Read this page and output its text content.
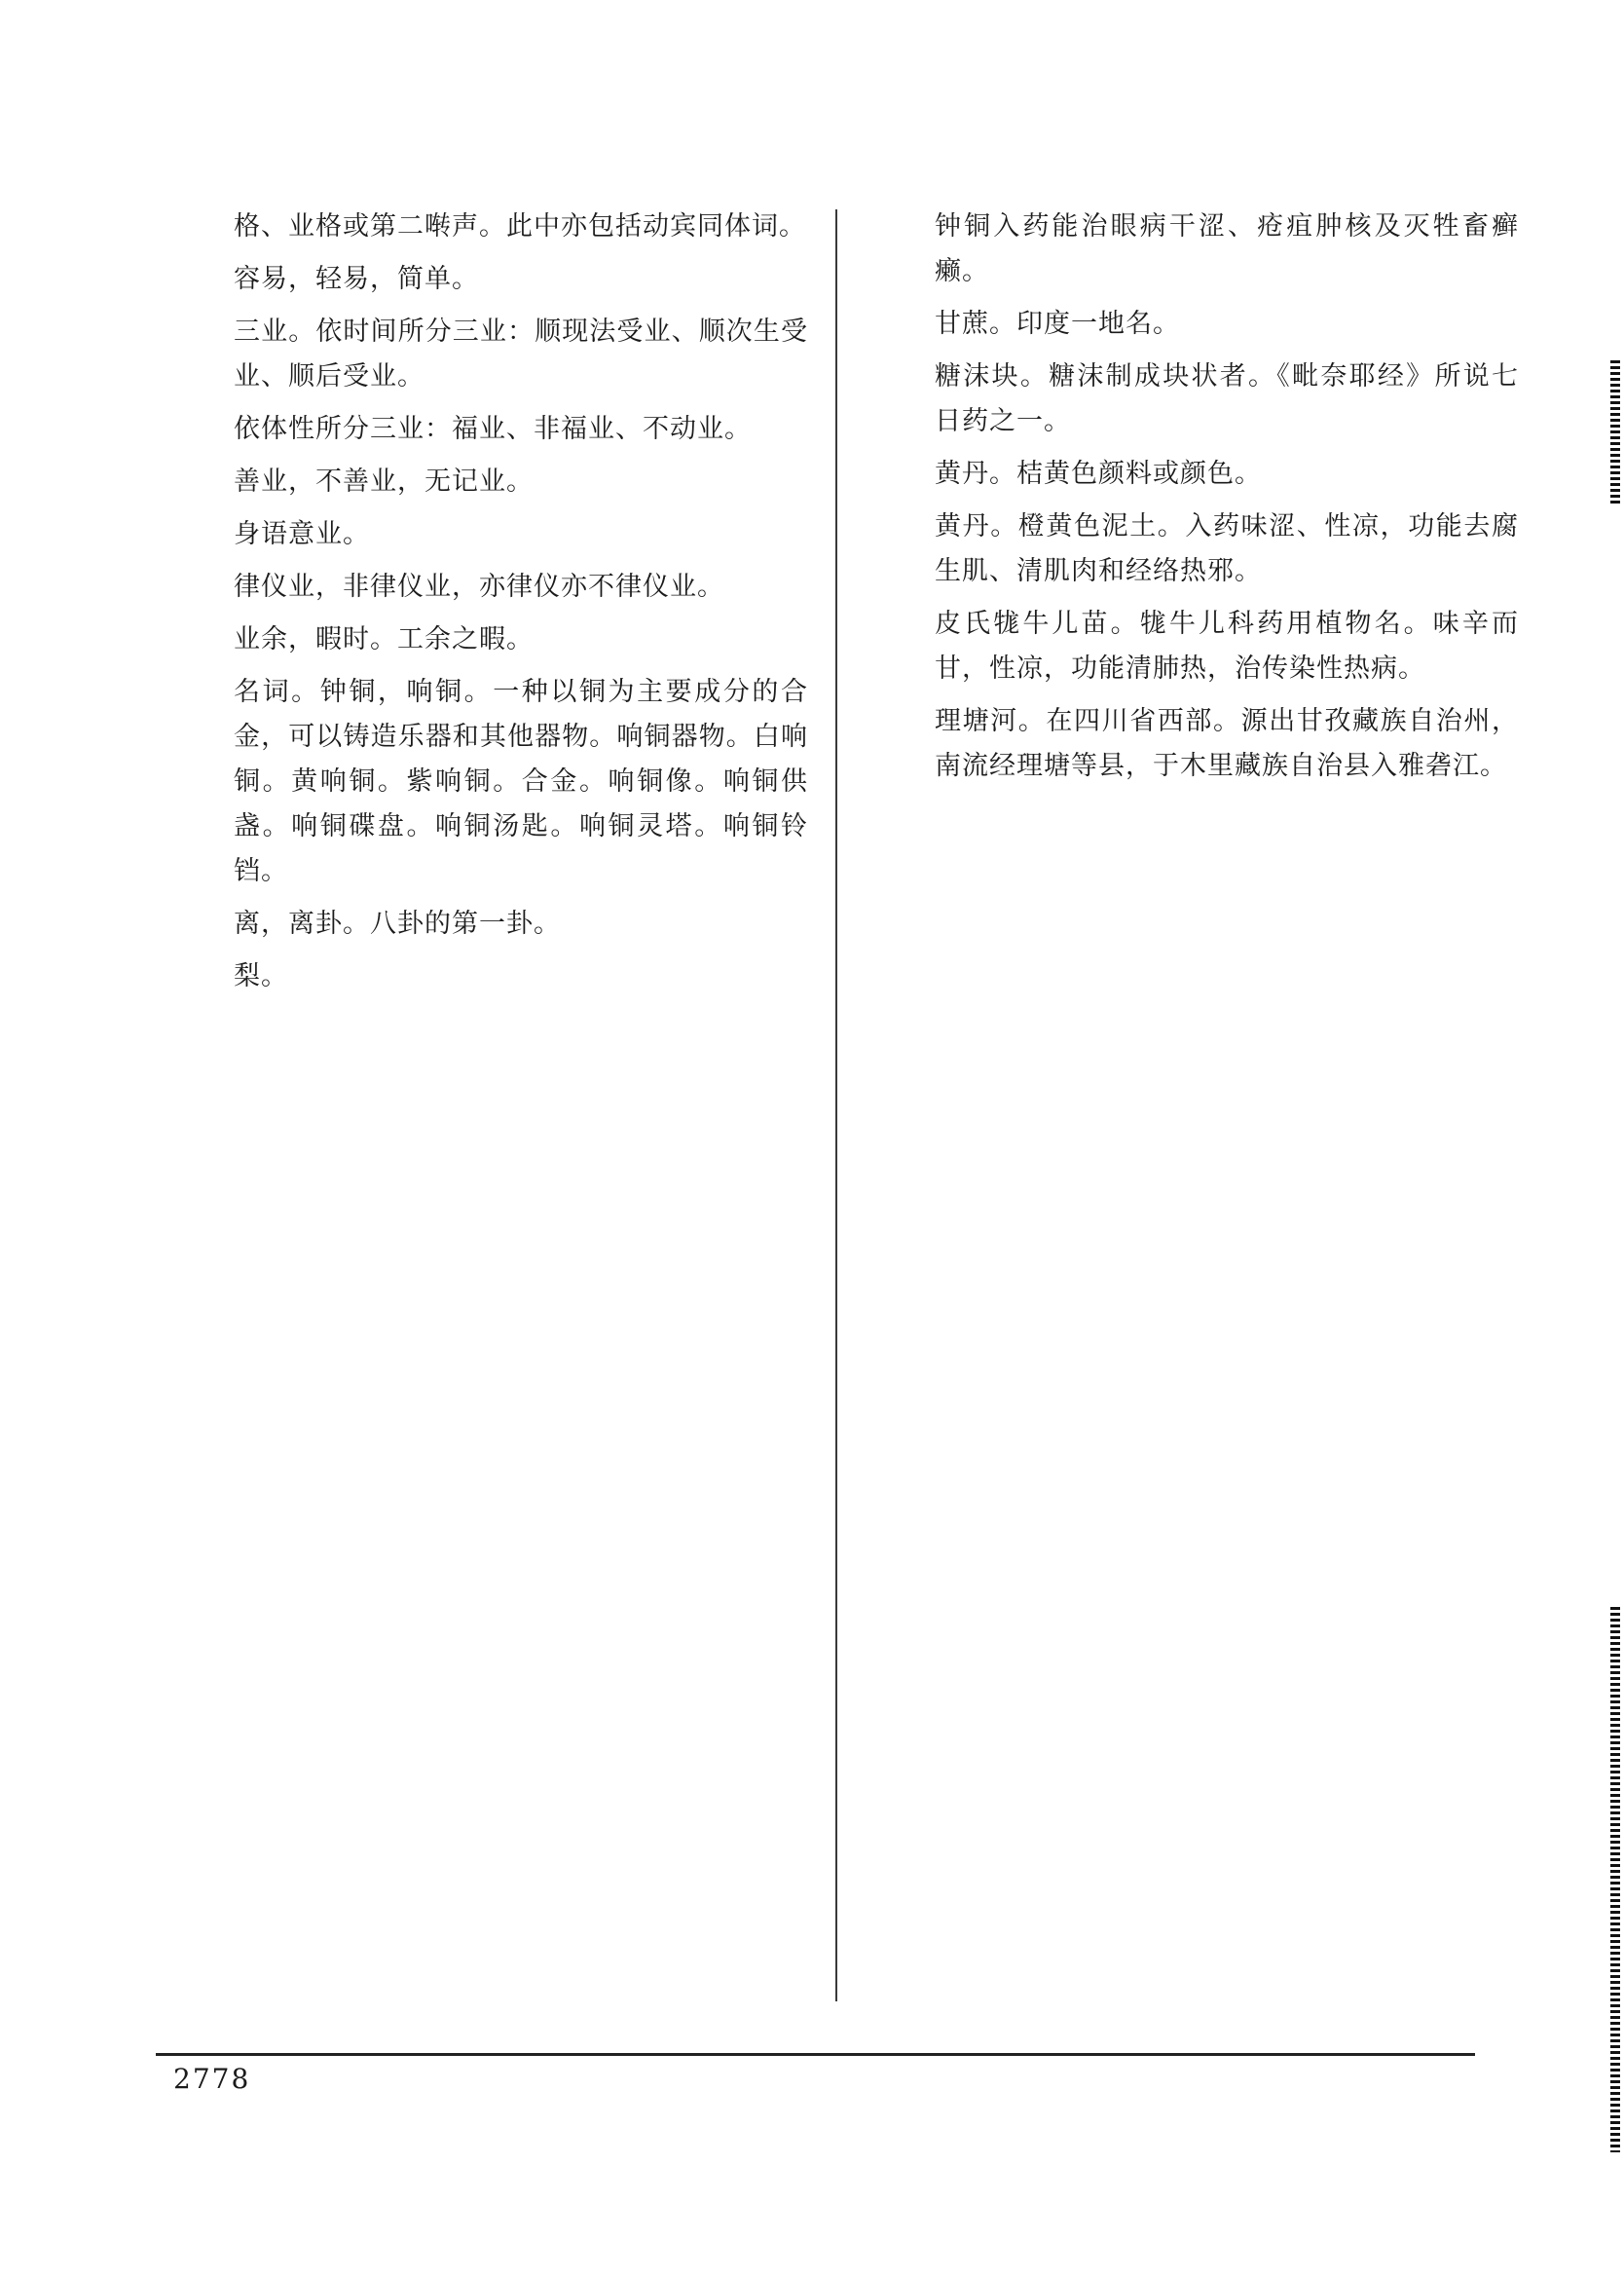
格、业格或第二啭声。此中亦包括动宾同体词。

容易，轻易，简单。

三业。依时间所分三业：顺现法受业、顺次生受业、顺后受业。

依体性所分三业：福业、非福业、不动业。

善业，不善业，无记业。

身语意业。

律仪业，非律仪业，亦律仪亦不律仪业。

业余，暇时。工余之暇。

名词。钟铜，响铜。一种以铜为主要成分的合金，可以铸造乐器和其他器物。响铜器物。白响铜。黄响铜。紫响铜。合金。响铜像。响铜供盏。响铜碟盘。响铜汤匙。响铜灵塔。响铜铃铛。

离，离卦。八卦的第一卦。

梨。

钟铜入药能治眼病干涩、疮疽肿核及灭牲畜癣癞。

甘蔗。印度一地名。

糖沫块。糖沫制成块状者。《毗奈耶经》所说七日药之一。

黄丹。桔黄色颜料或颜色。

黄丹。橙黄色泥土。入药味涩、性凉，功能去腐生肌、清肌肉和经络热邪。

皮氏牻牛儿苗。牻牛儿科药用植物名。味辛而甘，性凉，功能清肺热，治传染性热病。

理塘河。在四川省西部。源出甘孜藏族自治州，南流经理塘等县，于木里藏族自治县入雅砻江。

2778
